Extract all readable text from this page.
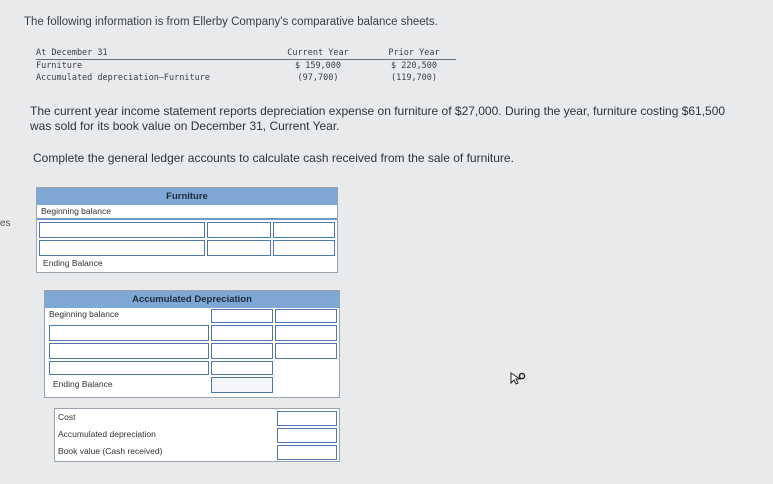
The following information is from Ellerby Company's comparative balance sheets.
es
At December 31	Current Year	Prior Year
Furniture	$ 159,000	$ 220,500
Accumulated depreciation—Furniture	(97,700)	(119,700)
The current year income statement reports depreciation expense on furniture of $27,000. During the year, furniture costing $61,500
was sold for its book value on December 31, Current Year.
Complete the general ledger accounts to calculate cash received from the sale of furniture.
Furniture
Beginning balance
Ending Balance
Accumulated Depreciation
Beginning balance
Ending Balance
Cost
Accumulated depreciation
Book value (Cash received)
